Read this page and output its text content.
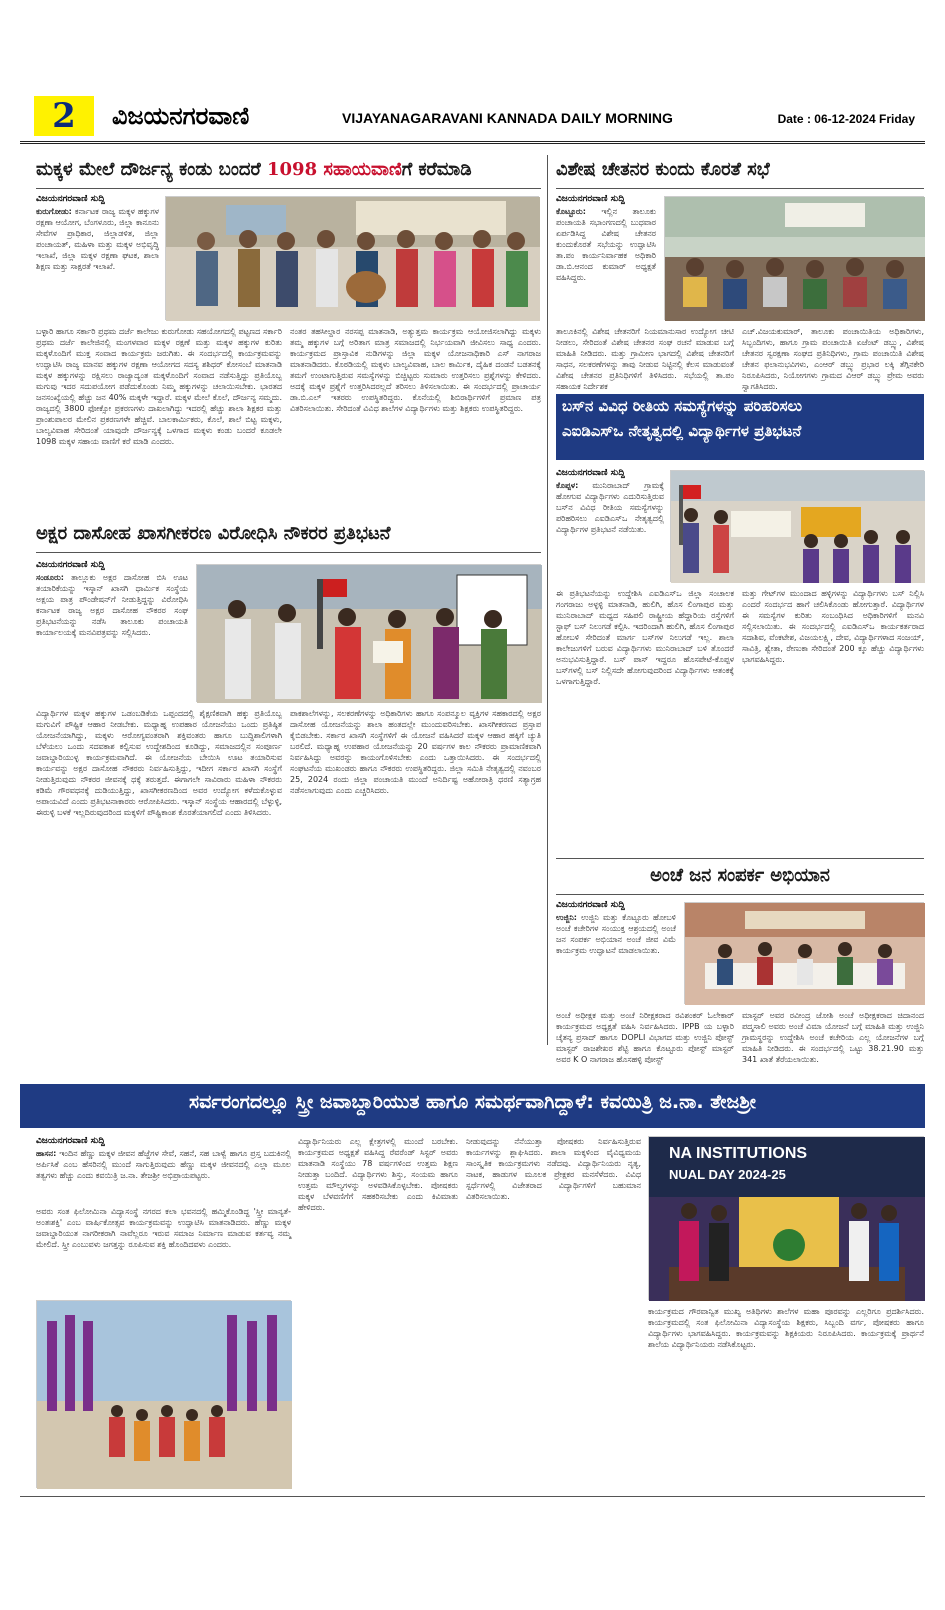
2	ವಿಜಯನಗರವಾಣಿ	VIJAYANAGARAVANI KANNADA DAILY MORNING	Date : 06-12-2024 Friday
ಮಕ್ಕಳ ಮೇಲೆ ದೌರ್ಜನ್ಯ ಕಂಡು ಬಂದರೆ 1098 ಸಹಾಯವಾಣಿಗೆ ಕರೆಮಾಡಿ
ವಿಜಯನಗರವಾಣಿ ಸುದ್ದಿ
ಕುರುಗೋಡು: ಕರ್ನಾಟಕ ರಾಜ್ಯ ಮಕ್ಕಳ ಹಕ್ಕುಗಳ ರಕ್ಷಣಾ ಆಯೋಗ, ಬೆಂಗಳೂರು, ಜಿಲ್ಲಾ ಕಾನೂನು ಸೇವೆಗಳ ಪ್ರಾಧಿಕಾರ, ಜಿಲ್ಲಾಡಳಿತ, ಜಿಲ್ಲಾ ಪಂಚಾಯತ್, ಮಹಿಳಾ ಮತ್ತು ಮಕ್ಕಳ ಅಭಿವೃದ್ಧಿ ಇಲಾಖೆ, ಜಿಲ್ಲಾ ಮಕ್ಕಳ ರಕ್ಷಣಾ ಘಟಕ, ಶಾಲಾ ಶಿಕ್ಷಣ ಮತ್ತು ಸಾಕ್ಷರತೆ ಇಲಾಖೆ.
ಬಳ್ಳಾರಿ ಹಾಗೂ ಸರ್ಕಾರಿ ಪ್ರಥಮ ದರ್ಜೆ ಕಾಲೇಜು ಕುರುಗೋಡು ಸಹಯೋಗದಲ್ಲಿ ಪಟ್ಟಣದ ಸರ್ಕಾರಿ ಪ್ರಥಮ ದರ್ಜೆ ಕಾಲೇಜಿನಲ್ಲಿ ಮಂಗಳವಾರ ಮಕ್ಕಳ ರಕ್ಷಣೆ ಮತ್ತು ಮಕ್ಕಳ ಹಕ್ಕುಗಳ ಕುರಿತು ಮಕ್ಕಳೊಂದಿಗೆ ಮುಕ್ತ ಸಂವಾದ ಕಾರ್ಯಕ್ರಮ ಜರುಗಿತು. ಈ ಸಂದರ್ಭದಲ್ಲಿ ಕಾರ್ಯಕ್ರಮವನ್ನು ಉದ್ಘಾಟಿಸಿ ರಾಜ್ಯ ಮಾನವ ಹಕ್ಕುಗಳ ರಕ್ಷಣಾ ಆಯೋಗದ ಸದಸ್ಯ ಶಶಿಧರ್ ಕೋಸಂಬೆ ಮಾತನಾಡಿ ಮಕ್ಕಳ ಹಕ್ಕುಗಳನ್ನು ರಕ್ಷಿಸಲು ರಾಜ್ಯಾದ್ಯಂತ ಮಕ್ಕಳೊಂದಿಗೆ ಸಂವಾದ ನಡೆಸುತ್ತಿದ್ದು ಪ್ರತಿಯೊಬ್ಬ ಮಗುವು ಇದರ ಸದುಪಯೋಗ ಪಡೆದುಕೊಂಡು ನಿಮ್ಮ ಹಕ್ಕುಗಳನ್ನು ಚಲಾಯಿಸಬೇಕು. ಭಾರತದ ಜನಸಂಖ್ಯೆಯಲ್ಲಿ ಹೆಚ್ಚು ಜನ 40% ಮಕ್ಕಳೇ ಇದ್ದಾರೆ. ಮಕ್ಕಳ ಮೇಲೆ ಕೊಲೆ, ದೌರ್ಜನ್ಯ ಸಮ್ಮದು. ರಾಜ್ಯದಲ್ಲಿ 3800 ಫೋಕ್ಸೋ ಪ್ರಕರಣಗಳು ದಾಖಲಾಗಿದ್ದು ಇದರಲ್ಲಿ ಹೆಚ್ಚು ಶಾಲಾ ಶಿಕ್ಷಕರ ಮತ್ತು ಪ್ರಾಂಶುಪಾಲರ ಮೇಲಿನ ಪ್ರಕರಣಗಳೇ ಹೆಚ್ಚಿವೆ. ಬಾಲಕಾರ್ಮಿಕರು, ಕೊಲೆ, ಶಾಲೆ ಬಿಟ್ಟ ಮಕ್ಕಳು, ಬಾಲ್ಯವಿವಾಹ ಸೇರಿದಂತೆ ಯಾವುದೇ ದೌರ್ಜನ್ಯಕ್ಕೆ ಒಳಗಾದ ಮಕ್ಕಳು ಕಂಡು ಬಂದರೆ ಕೂಡಲೇ 1098 ಮಕ್ಕಳ ಸಹಾಯ ವಾಣಿಗೆ ಕರೆ ಮಾಡಿ ಎಂದರು.
ನಂತರ ತಹಸೀಲ್ದಾರ ನರಸಪ್ಪ ಮಾತನಾಡಿ, ಅತ್ಯುತ್ತಮ ಕಾರ್ಯಕ್ರಮ ಆಯೋಜಿಸಲಾಗಿದ್ದು ಮಕ್ಕಳು ತಮ್ಮ ಹಕ್ಕುಗಳ ಬಗ್ಗೆ ಅರಿತಾಗ ಮಾತ್ರ ಸಮಾಜದಲ್ಲಿ ನಿರ್ಭಯವಾಗಿ ಜೀವಿಸಲು ಸಾಧ್ಯ ಎಂದರು. ಕಾರ್ಯಕ್ರಮದ ಪ್ರಾಸ್ತಾವಿಕ ನುಡಿಗಳನ್ನು ಜಿಲ್ಲಾ ಮಕ್ಕಳ ಯೋಜನಾಧಿಕಾರಿ ಎಸ್ ನಾಗರಾಜ ಮಾತನಾಡಿದರು. ಕೊಠಡಿಯಲ್ಲಿ ಮಕ್ಕಳು ಬಾಲ್ಯವಿವಾಹ, ಬಾಲ ಕಾರ್ಮಿಕ, ದೈಹಿಕ ದಂಡನೆ ಬಡತನಕ್ಕೆ ತಮಗೆ ಉಂಟಾಗುತ್ತಿರುವ ಸಮಸ್ಯೆಗಳನ್ನು ಬಿಚ್ಚಿಟ್ಟರು ಸುಮಾರು ಉತ್ತರಿಸಲು ಪ್ರಶ್ನೆಗಳನ್ನು ಕೇಳಿದರು. ಅದಕ್ಕೆ ಮಕ್ಕಳ ಪ್ರಶ್ನೆಗೆ ಉತ್ತರಿಸಿದರಲ್ಲದೆ ತರಿಸಲು ತಿಳಿಸಲಾಯಿತು. ಈ ಸಂದರ್ಭದಲ್ಲಿ ಪ್ರಾಚಾರ್ಯ ಡಾ.ಬಿ.ಎಲ್ ಇತರರು ಉಪಸ್ಥಿತರಿದ್ದರು. ಕೊನೆಯಲ್ಲಿ ಶಿಬಿರಾರ್ಥಿಗಳಿಗೆ ಪ್ರಮಾಣ ಪತ್ರ ವಿತರಿಸಲಾಯಿತು. ಸೇರಿದಂತೆ ವಿವಿಧ ಶಾಲೆಗಳ ವಿದ್ಯಾರ್ಥಿಗಳು ಮತ್ತು ಶಿಕ್ಷಕರು ಉಪಸ್ಥಿತರಿದ್ದರು.
ವಿಶೇಷ ಚೇತನರ ಕುಂದು ಕೊರತೆ ಸಭೆ
ವಿಜಯನಗರವಾಣಿ ಸುದ್ದಿ
ಕೊಟ್ಟೂರು: ಇಲ್ಲಿನ ತಾಲೂಕು ಪಂಚಾಯತಿ ಸಭಾಂಗಣದಲ್ಲಿ ಬುಧವಾರ ಏರ್ಪಡಿಸಿದ್ದ ವಿಶೇಷ ಚೇತನರ ಕುಂದುಕೊರತೆ ಸಭೆಯನ್ನು ಉದ್ಘಾಟಿಸಿ ತಾ.ಪಂ ಕಾರ್ಯನಿರ್ವಾಹಕ ಅಧಿಕಾರಿ ಡಾ.ಬಿ.ಆನಂದ ಕುಮಾರ್ ಅಧ್ಯಕ್ಷತೆ ವಹಿಸಿದ್ದರು.
ತಾಲೂಕಿನಲ್ಲಿ ವಿಶೇಷ ಚೇತನರಿಗೆ ನಿಯಮಾನುಸಾರ ಉದ್ಯೋಗ ಚೀಟಿ ನೀಡಲು, ಸೇರಿದಂತೆ ವಿಶೇಷ ಚೇತನರ ಸಂಘ ರಚನೆ ಮಾಡುವ ಬಗ್ಗೆ ಮಾಹಿತಿ ನೀಡಿದರು. ಮತ್ತು ಗ್ರಾಮೀಣ ಭಾಗದಲ್ಲಿ ವಿಶೇಷ ಚೇತನರಿಗೆ ಸಾಧನ, ಸಲಕರಣೆಗಳನ್ನು ತಾವು ನೀಡುವ ನಿಟ್ಟಿನಲ್ಲಿ ಕೆಲಸ ಮಾಡುವಂತೆ ವಿಶೇಷ ಚೇತನರ ಪ್ರತಿನಿಧಿಗಳಿಗೆ ತಿಳಿಸಿದರು. ಸಭೆಯಲ್ಲಿ ತಾ.ಪಂ ಸಹಾಯಕ ನಿರ್ದೇಶಕ
ಎಚ್.ವಿಜಯಕುಮಾರ್, ತಾಲೂಕು ಪಂಚಾಯಿತಿಯ ಅಧಿಕಾರಿಗಳು, ಸಿಬ್ಬಂದಿಗಳು, ಹಾಗೂ ಗ್ರಾಮ ಪಂಚಾಯಿತಿ ಏಜೆಂಟ್ ಡಬ್ಲ್ಯು, ವಿಶೇಷ ಚೇತನರ ಸ್ವರಕ್ಷಣಾ ಸಂಘದ ಪ್ರತಿನಿಧಿಗಳು, ಗ್ರಾಮ ಪಂಚಾಯಿತಿ ವಿಶೇಷ ಚೇತನ ಫಲಾನುಭವಿಗಳು, ಎಂಆರ್ ಡಬ್ಲ್ಯು ಪ್ರಭಾರ ಲಕ್ಕಿ ತೆಗ್ಗಿನಕೇರಿ ನಿರೂಪಿಸಿದರು, ನಿಯೋಗಗಳು ಗ್ರಾಮದ ವಿಆರ್ ಡಬ್ಲ್ಯು ಪ್ರೇಮ ಅವರು ಸ್ವಾಗತಿಸಿದರು.
ಬಸ್‌ನ ವಿವಿಧ ರೀತಿಯ ಸಮಸ್ಯೆಗಳನ್ನು ಪರಿಹರಿಸಲು
ಎಐಡಿಎಸ್‌ಒ ನೇತೃತ್ವದಲ್ಲಿ ವಿದ್ಯಾರ್ಥಿಗಳ ಪ್ರತಿಭಟನೆ
ವಿಜಯನಗರವಾಣಿ ಸುದ್ದಿ
ಕೊಪ್ಪಳ: ಮುನಿರಾಬಾದ್ ಗ್ರಾಮಕ್ಕೆ ಹೋಗುವ ವಿದ್ಯಾರ್ಥಿಗಳು ಎದುರಿಸುತ್ತಿರುವ ಬಸ್‌ನ ವಿವಿಧ ರೀತಿಯ ಸಮಸ್ಯೆಗಳನ್ನು ಪರಿಹರಿಸಲು ಎಐಡಿಎಸ್‌ಒ ನೇತೃತ್ವದಲ್ಲಿ ವಿದ್ಯಾರ್ಥಿಗಳ ಪ್ರತಿಭಟನೆ ನಡೆಯಿತು.
ಈ ಪ್ರತಿಭಟನೆಯನ್ನು ಉದ್ದೇಶಿಸಿ ಎಐಡಿಎಸ್‌ಒ ಜಿಲ್ಲಾ ಸಂಚಾಲಕ ಗಂಗರಾಜು ಅಳ್ಳಳ್ಳಿ ಮಾತನಾಡಿ, ಹುಲಿಗಿ, ಹೊಸ ಲಿಂಗಾಪುರ ಮತ್ತು ಮುನಿರಾಬಾದ್ ಮಧ್ಯದ ಸಹಿಪಲಿ ರಾಷ್ಟ್ರೀಯ ಹೆದ್ದಾರಿಯ ರಸ್ತೆಗಳಿಗೆ ಸ್ಟಾಫ್ ಬಸ್ ನಿಲುಗಡೆ ಕಲ್ಪಿಸಿ. ಇದರಿಂದಾಗಿ ಹುಲಿಗಿ, ಹೊಸ ಲಿಂಗಾಪುರ ಹೋಬಳಿ ಸೇರಿದಂತೆ ಮಾರ್ಗ ಬಸ್‌ಗಳ ನಿಲುಗಡೆ ಇಲ್ಲ. ಶಾಲಾ ಕಾಲೇಜುಗಳಿಗೆ ಬರುವ ವಿದ್ಯಾರ್ಥಿಗಳು ಮುನಿರಾಬಾದ್ ಬಳಿ ತೊಂದರೆ ಅನುಭವಿಸುತ್ತಿದ್ದಾರೆ. ಬಸ್ ಪಾಸ್ ಇದ್ದರೂ ಹೊಸಪೇಟೆ-ಕೊಪ್ಪಳ ಬಸ್‌ಗಳಲ್ಲಿ ಬಸ್ ನಿಲ್ಲಿಸದೇ ಹೋಗುವುದರಿಂದ ವಿದ್ಯಾರ್ಥಿಗಳು ಆತಂಕಕ್ಕೆ ಒಳಗಾಗುತ್ತಿದ್ದಾರೆ.
ಮತ್ತು ಗೇಟ್‌ಗಳ ಮುಂದಾದ ಹಳ್ಳಿಗಳನ್ನು ವಿದ್ಯಾರ್ಥಿಗಳು ಬಸ್ ನಿಲ್ಲಿಸಿ ಎಂದರೆ ಸಂದರ್ಭದ ಹಾಗೆ ಚಲಿಸಿಕೊಂಡು ಹೋಗುತ್ತಾರೆ. ವಿದ್ಯಾರ್ಥಿಗಳ ಈ ಸಮಸ್ಯೆಗಳ ಕುರಿತು ಸಂಬಂಧಿಸಿದ ಅಧಿಕಾರಿಗಳಿಗೆ ಮನವಿ ಸಲ್ಲಿಸಲಾಯಿತು. ಈ ಸಂದರ್ಭದಲ್ಲಿ ಎಐಡಿಎಸ್‌ಒ ಕಾರ್ಯಕರ್ತರಾದ ಸದಾಶಿವ, ವೆಂಕಟೇಶ, ವಿಜಯಲಕ್ಷ್ಮಿ, ದೇವ, ವಿದ್ಯಾರ್ಥಿಗಳಾದ ಸಂಜಯ್, ಸಾವಿತ್ರಿ, ಶ್ವೇತಾ, ರೇಣುಕಾ ಸೇರಿದಂತೆ 200 ಕ್ಕೂ ಹೆಚ್ಚು ವಿದ್ಯಾರ್ಥಿಗಳು ಭಾಗವಹಿಸಿದ್ದರು.
ಅಕ್ಷರ ದಾಸೋಹ ಖಾಸಗೀಕರಣ ವಿರೋಧಿಸಿ ನೌಕರರ ಪ್ರತಿಭಟನೆ
ವಿಜಯನಗರವಾಣಿ ಸುದ್ದಿ
ಸಂಡೂರು: ತಾಲ್ಲೂಕು ಅಕ್ಷರ ದಾಸೋಹ ಬಿಸಿ ಊಟ ತಯಾರಿಕೆಯನ್ನು ಇಸ್ಕಾನ್ ಖಾಸಗಿ ಧಾರ್ಮಿಕ ಸಂಸ್ಥೆಯ ಅಕ್ಷಯ ಪಾತ್ರ ಪೌಂಡೇಷನ್‌ಗೆ ನೀಡುತ್ತಿದ್ದನ್ನು ವಿರೋಧಿಸಿ ಕರ್ನಾಟಕ ರಾಜ್ಯ ಅಕ್ಷರ ದಾಸೋಹ ನೌಕರರ ಸಂಘ ಪ್ರತಿಭಟನೆಯನ್ನು ನಡೆಸಿ ತಾಲೂಕು ಪಂಚಾಯತಿ ಕಾರ್ಯಾಲಯಕ್ಕೆ ಮನವಿಪತ್ರವನ್ನು ಸಲ್ಲಿಸಿದರು.
ವಿದ್ಯಾರ್ಥಿಗಳ ಮಕ್ಕಳ ಹಕ್ಕುಗಳ ಒಡಂಬಡಿಕೆಯ ಒಪ್ಪಂದದಲ್ಲಿ ಶೈಕ್ಷಣಿಕವಾಗಿ ಹಕ್ಕು ಪ್ರತಿಯೊಬ್ಬ ಮಗುವಿಗೆ ಪೌಷ್ಟಿಕ ಆಹಾರ ನೀಡಬೇಕು. ಮಧ್ಯಾಹ್ನ ಉಪಹಾರ ಯೋಜನೆಯು ಒಂದು ಪ್ರತಿಷ್ಠಿತ ಯೋಜನೆಯಾಗಿದ್ದು, ಮಕ್ಕಳು ಆರೋಗ್ಯವಂತರಾಗಿ ಶಕ್ತಿವಂತರು ಹಾಗೂ ಬುದ್ಧಿಶಾಲಿಗಳಾಗಿ ಬೆಳೆಯಲು ಒಂದು ಸದವಕಾಶ ಕಲ್ಪಿಸುವ ಉದ್ದೇಶದಿಂದ ಕೂಡಿದ್ದು, ಸಮಾಜದಲ್ಲಿನ ಸಂಪೂರ್ಣ ಜವಾಬ್ದಾರಿಯುಳ್ಳ ಕಾರ್ಯಕ್ರಮವಾಗಿದೆ. ಈ ಯೋಜನೆಯ ಬೇಯಿಸಿ ಊಟ ತಯಾರಿಸುವ ಕಾರ್ಯವನ್ನು ಅಕ್ಷರ ದಾಸೋಹ ನೌಕರರು ನಿರ್ವಹಿಸುತ್ತಿದ್ದು, ಇದೀಗ ಸರ್ಕಾರ ಖಾಸಗಿ ಸಂಸ್ಥೆಗೆ ನೀಡುತ್ತಿರುವುದು ನೌಕರರ ಜೀವನಕ್ಕೆ ಧಕ್ಕೆ ತರುತ್ತದೆ. ಈಗಾಗಲೇ ಸಾವಿರಾರು ಮಹಿಳಾ ನೌಕರರು ಕಡಿಮೆ ಗೌರವಧನಕ್ಕೆ ದುಡಿಯುತ್ತಿದ್ದು, ಖಾಸಗೀಕರಣದಿಂದ ಅವರ ಉದ್ಯೋಗ ಕಳೆದುಕೊಳ್ಳುವ ಅಪಾಯವಿದೆ ಎಂದು ಪ್ರತಿಭಟನಾಕಾರರು ಆರೋಪಿಸಿದರು. ಇಸ್ಕಾನ್ ಸಂಸ್ಥೆಯ ಆಹಾರದಲ್ಲಿ ಬೆಳ್ಳುಳ್ಳಿ, ಈರುಳ್ಳಿ ಬಳಕೆ ಇಲ್ಲದಿರುವುದರಿಂದ ಮಕ್ಕಳಿಗೆ ಪೌಷ್ಟಿಕಾಂಶ ಕೊರತೆಯಾಗಲಿದೆ ಎಂದು ತಿಳಿಸಿದರು.
ಪಾಕಶಾಲೆಗಳನ್ನು, ಸಲಕರಣೆಗಳನ್ನು ಅಧಿಕಾರಿಗಳು ಹಾಗೂ ಸಂಪನ್ಮೂಲ ವ್ಯಕ್ತಿಗಳ ಸಹಕಾರದಲ್ಲಿ ಅಕ್ಷರ ದಾಸೋಹ ಯೋಜನೆಯನ್ನು ಶಾಲಾ ಹಂತದಲ್ಲೇ ಮುಂದುವರಿಸಬೇಕು. ಖಾಸಗೀಕರಣದ ಪ್ರಸ್ತಾಪ ಕೈಬಿಡಬೇಕು. ಸರ್ಕಾರ ಖಾಸಗಿ ಸಂಸ್ಥೆಗಳಿಗೆ ಈ ಯೋಜನೆ ವಹಿಸಿದರೆ ಮಕ್ಕಳ ಆಹಾರ ಹಕ್ಕಿಗೆ ಚ್ಯುತಿ ಬರಲಿದೆ. ಮಧ್ಯಾಹ್ನ ಉಪಹಾರ ಯೋಜನೆಯನ್ನು 20 ವರ್ಷಗಳ ಕಾಲ ನೌಕರರು ಪ್ರಾಮಾಣಿಕವಾಗಿ ನಿರ್ವಹಿಸಿದ್ದು ಅವರನ್ನು ಕಾಯಂಗೊಳಿಸಬೇಕು ಎಂದು ಒತ್ತಾಯಿಸಿದರು. ಈ ಸಂದರ್ಭದಲ್ಲಿ ಸಂಘಟನೆಯ ಮುಖಂಡರು ಹಾಗೂ ನೌಕರರು ಉಪಸ್ಥಿತರಿದ್ದರು. ಜಿಲ್ಲಾ ಸಮಿತಿ ನೇತೃತ್ವದಲ್ಲಿ ನವಂಬರ 25, 2024 ರಂದು ಜಿಲ್ಲಾ ಪಂಚಾಯತಿ ಮುಂದೆ ಅನಿರ್ದಿಷ್ಟ ಅಹೋರಾತ್ರಿ ಧರಣಿ ಸತ್ಯಾಗ್ರಹ ನಡೆಸಲಾಗುವುದು ಎಂದು ಎಚ್ಚರಿಸಿದರು.
ಅಂಚೆ ಜನ ಸಂಪರ್ಕ ಅಭಿಯಾನ
ವಿಜಯನಗರವಾಣಿ ಸುದ್ದಿ
ಉಜ್ಜಿನಿ: ಉಜ್ಜಿನಿ ಮತ್ತು ಕೊಟ್ಟೂರು ಹೋಬಳಿ ಅಂಚೆ ಕಚೇರಿಗಳ ಸಂಯುಕ್ತ ಆಶ್ರಯದಲ್ಲಿ ಅಂಚೆ ಜನ ಸಂಪರ್ಕ ಅಭಿಯಾನ ಅಂಚೆ ಜೀವ ವಿಮೆ ಕಾರ್ಯಕ್ರಮ ಉದ್ಘಾಟನೆ ಮಾಡಲಾಯಿತು.
ಅಂಚೆ ಅಧೀಕ್ಷಕ ಮತ್ತು ಅಂಚೆ ನಿರೀಕ್ಷಕರಾದ ರವಿಶಂಕರ್ ಓಲೇಕಾರ್ ಕಾರ್ಯಕ್ರಮದ ಅಧ್ಯಕ್ಷತೆ ವಹಿಸಿ ನಿರ್ವಹಿಸಿದರು. IPPB ಯ ಬಳ್ಳಾರಿ ಚೈತನ್ಯ ಪ್ರಸಾದ್ ಹಾಗೂ DOPLI ವಿಭಾಗದ ಮತ್ತು ಉಜ್ಜಿನಿ ಪೋಸ್ಟ್ ಮಾಸ್ಟರ್ ರಾಜಶೇಖರ ಶೆಟ್ಟಿ ಹಾಗೂ ಕೊಟ್ಟೂರು ಪೋಸ್ಟ್ ಮಾಸ್ಟರ್ ಅವರ K O ನಾಗರಾಜ ಹೊಸಹಳ್ಳಿ ಪೋಸ್ಟ್
ಮಾಸ್ಟರ್ ಅವರ ರವೀಂದ್ರ ಜೋಶಿ ಅಂಚೆ ಅಧೀಕ್ಷಕರಾದ ಚಿದಾನಂದ ಪದ್ಮಸಾಲಿ ಅವರು ಅಂಚೆ ವಿಮಾ ಯೋಜನೆ ಬಗ್ಗೆ ಮಾಹಿತಿ ಮತ್ತು ಉಜ್ಜಿನಿ ಗ್ರಾಮಸ್ಥರನ್ನು ಉದ್ದೇಶಿಸಿ ಅಂಚೆ ಕಚೇರಿಯ ಎಲ್ಲ ಯೋಜನೆಗಳ ಬಗ್ಗೆ ಮಾಹಿತಿ ನೀಡಿದರು. ಈ ಸಂದರ್ಭದಲ್ಲಿ ಒಟ್ಟು 38.21.90 ಮತ್ತು 341 ಖಾತೆ ತೆರೆಯಲಾಯಿತು.
ಸರ್ವರಂಗದಲ್ಲೂ ಸ್ತ್ರೀ ಜವಾಬ್ದಾರಿಯುತ ಹಾಗೂ ಸಮರ್ಥವಾಗಿದ್ದಾಳೆ: ಕವಯಿತ್ರಿ ಜ.ನಾ. ತೇಜಶ್ರೀ
ವಿಜಯನಗರವಾಣಿ ಸುದ್ದಿ
ಹಾಸನ: ಇಂದಿನ ಹೆಣ್ಣು ಮಕ್ಕಳ ಜೀವನ ಹೆಜ್ಜೆಗಳ ಸೇವೆ, ಸಹನೆ, ಸಹ ಬಾಳ್ವೆ ಹಾಗೂ ಪ್ರಸ್ತ ಬದುಕಿನಲ್ಲಿ ಅರ್ಪಿಸಿಕೆ ಎಂಬ ಹೆಸರಿನಲ್ಲಿ ಮುಂದೆ ಸಾಗುತ್ತಿರುವುದು ಹೆಣ್ಣು ಮಕ್ಕಳ ಜೀವನದಲ್ಲಿ ಎಲ್ಲಾ ಮೂಲ ತತ್ವಗಳು ಹೆಚ್ಚು ಎಂದು ಕವಯಿತ್ರಿ ಜ.ನಾ. ತೇಜಶ್ರೀ ಅಭಿಪ್ರಾಯಪಟ್ಟರು.
ಅವರು ಸಂತ ಫಿಲೋಮಿನಾ ವಿದ್ಯಾಸಂಸ್ಥೆ ನಗರದ ಕಲಾ ಭವನದಲ್ಲಿ ಹಮ್ಮಿಕೊಂಡಿದ್ದ 'ಸ್ತ್ರೀ ಮಾನ್ಯತೆ-ಅಂತಃಶಕ್ತಿ' ಎಂಬ ವಾರ್ಷಿಕೋತ್ಸವ ಕಾರ್ಯಕ್ರಮವನ್ನು ಉದ್ಘಾಟಿಸಿ ಮಾತನಾಡಿದರು. ಹೆಣ್ಣು ಮಕ್ಕಳ ಜವಾಬ್ದಾರಿಯುತ ನಾಗರೀಕರಾಗಿ ನಾವೆಲ್ಲರೂ ಇರುವ ಸಮಾಜ ನಿರ್ಮಾಣ ಮಾಡುವ ಕರ್ತವ್ಯ ನಮ್ಮ ಮೇಲಿದೆ. ಸ್ತ್ರೀ ಎಂಬುವಳು ಜಗತ್ತನ್ನು ರೂಪಿಸುವ ಶಕ್ತಿ ಹೊಂದಿದವಳು ಎಂದರು.
ವಿದ್ಯಾರ್ಥಿನಿಯರು ಎಲ್ಲ ಕ್ಷೇತ್ರಗಳಲ್ಲಿ ಮುಂದೆ ಬರಬೇಕು. ಕಾರ್ಯಕ್ರಮದ ಅಧ್ಯಕ್ಷತೆ ವಹಿಸಿದ್ದ ರೆವರೆಂಡ್ ಸಿಸ್ಟರ್ ಅವರು ಮಾತನಾಡಿ ಸಂಸ್ಥೆಯು 78 ವರ್ಷಗಳಿಂದ ಉತ್ತಮ ಶಿಕ್ಷಣ ನೀಡುತ್ತಾ ಬಂದಿದೆ. ವಿದ್ಯಾರ್ಥಿಗಳು ಶಿಸ್ತು, ಸಂಯಮ ಹಾಗೂ ಉತ್ತಮ ಮೌಲ್ಯಗಳನ್ನು ಅಳವಡಿಸಿಕೊಳ್ಳಬೇಕು. ಪೋಷಕರು ಮಕ್ಕಳ ಬೆಳವಣಿಗೆಗೆ ಸಹಕರಿಸಬೇಕು ಎಂದು ಕಿವಿಮಾತು ಹೇಳಿದರು.
ನೀಡುವುದನ್ನು ನೆನೆಯುತ್ತಾ ಪೋಷಕರು ನಿರ್ವಹಿಸುತ್ತಿರುವ ಕಾರ್ಯಗಳನ್ನು ಶ್ಲಾಘಿಸಿದರು. ಶಾಲಾ ಮಕ್ಕಳಿಂದ ವೈವಿಧ್ಯಮಯ ಸಾಂಸ್ಕೃತಿಕ ಕಾರ್ಯಕ್ರಮಗಳು ನಡೆದವು. ವಿದ್ಯಾರ್ಥಿನಿಯರು ನೃತ್ಯ, ನಾಟಕ, ಹಾಡುಗಳ ಮೂಲಕ ಪ್ರೇಕ್ಷಕರ ಮನಸೆಳೆದರು. ವಿವಿಧ ಸ್ಪರ್ಧೆಗಳಲ್ಲಿ ವಿಜೇತರಾದ ವಿದ್ಯಾರ್ಥಿಗಳಿಗೆ ಬಹುಮಾನ ವಿತರಿಸಲಾಯಿತು.
NA INSTITUTIONS
NUAL DAY 2024-25
ಕಾರ್ಯಕ್ರಮದ ಗೌರವಾನ್ವಿತ ಮುಖ್ಯ ಅತಿಥಿಗಳು ಶಾಲೆಗಳ ಮಹಾ ಪೂರವನ್ನು ಎಲ್ಲರಿಗೂ ಪ್ರದರ್ಶಿಸಿದರು. ಕಾರ್ಯಕ್ರಮದಲ್ಲಿ ಸಂತ ಫಿಲೋಮಿನಾ ವಿದ್ಯಾಸಂಸ್ಥೆಯ ಶಿಕ್ಷಕರು, ಸಿಬ್ಬಂದಿ ವರ್ಗ, ಪೋಷಕರು ಹಾಗೂ ವಿದ್ಯಾರ್ಥಿಗಳು ಭಾಗವಹಿಸಿದ್ದರು. ಕಾರ್ಯಕ್ರಮವನ್ನು ಶಿಕ್ಷಕಿಯರು ನಿರೂಪಿಸಿದರು. ಕಾರ್ಯಕ್ರಮಕ್ಕೆ ಪ್ರಾರ್ಥನೆ ಶಾಲೆಯ ವಿದ್ಯಾರ್ಥಿನಿಯರು ನಡೆಸಿಕೊಟ್ಟರು.
